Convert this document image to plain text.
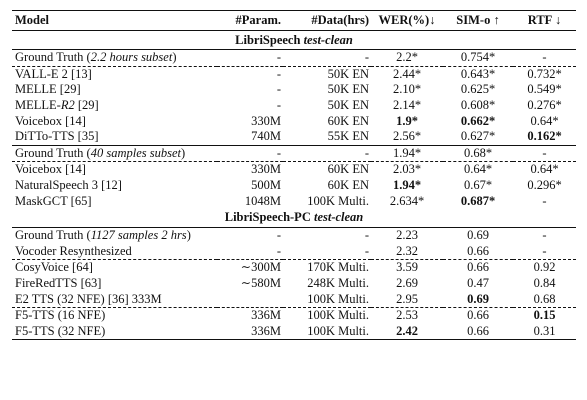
Model	#Param.	#Data(hrs)	WER(%)↓	SIM-o ↑	RTF ↓
LibriSpeech test-clean					
Ground Truth (2.2 hours subset)	-	-	2.2*	0.754*	-
VALL-E 2 [13]	-	50K EN	2.44*	0.643*	0.732*
MELLE [29]	-	50K EN	2.10*	0.625*	0.549*
MELLE-R2 [29]	-	50K EN	2.14*	0.608*	0.276*
Voicebox [14]	330M	60K EN	1.9*	0.662*	0.64*
DiTTo-TTS [35]	740M	55K EN	2.56*	0.627*	0.162*
Ground Truth (40 samples subset)	-	-	1.94*	0.68*	-
Voicebox [14]	330M	60K EN	2.03*	0.64*	0.64*
NaturalSpeech 3 [12]	500M	60K EN	1.94*	0.67*	0.296*
MaskGCT [65]	1048M	100K Multi.	2.634*	0.687*	-
LibriSpeech-PC test-clean					
Ground Truth (1127 samples 2 hrs)	-	-	2.23	0.69	-
Vocoder Resynthesized	-	-	2.32	0.66	-
CosyVoice [64]	∼300M	170K Multi.	3.59	0.66	0.92
FireRedTTS [63]	∼580M	248K Multi.	2.69	0.47	0.84
E2 TTS (32 NFE) [36] 333M		100K Multi.	2.95	0.69	0.68
F5-TTS (16 NFE)	336M	100K Multi.	2.53	0.66	0.15
F5-TTS (32 NFE)	336M	100K Multi.	2.42	0.66	0.31
